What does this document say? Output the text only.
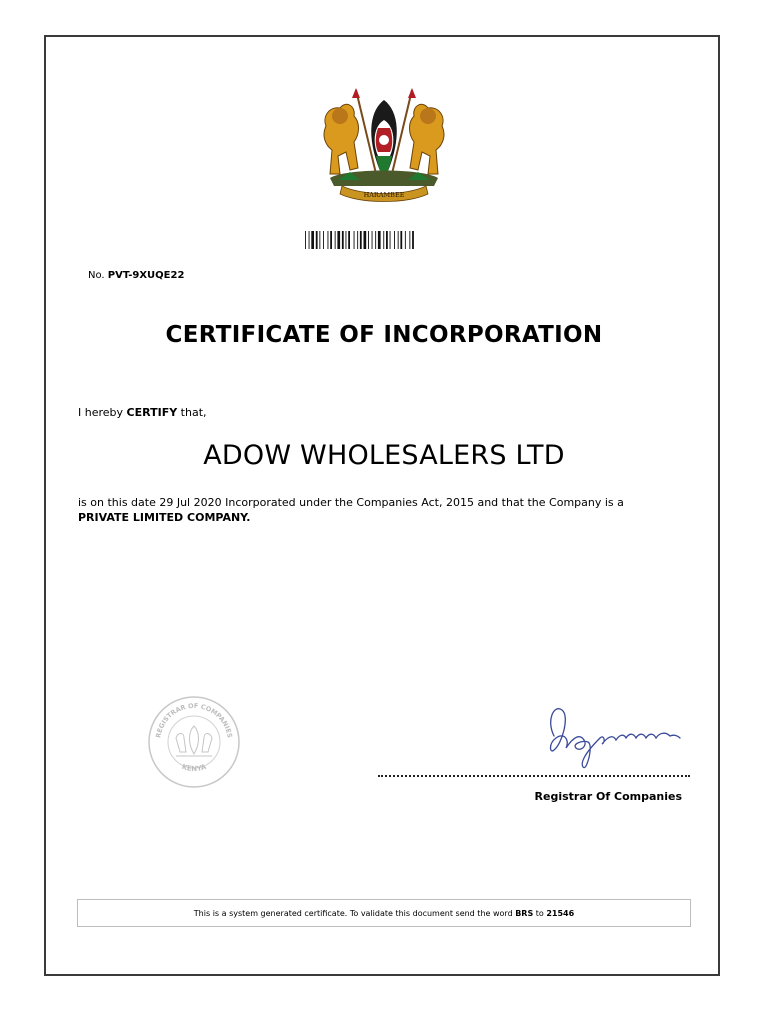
HARAMBEE
No. PVT-9XUQE22
CERTIFICATE OF INCORPORATION
I hereby CERTIFY that,
ADOW WHOLESALERS LTD
is on this date 29 Jul 2020 Incorporated under the Companies Act, 2015 and that the Company is a
PRIVATE LIMITED COMPANY.
REGISTRAR OF COMPANIES
KENYA
Registrar Of Companies
This is a system generated certificate. To validate this document send the word BRS to 21546
